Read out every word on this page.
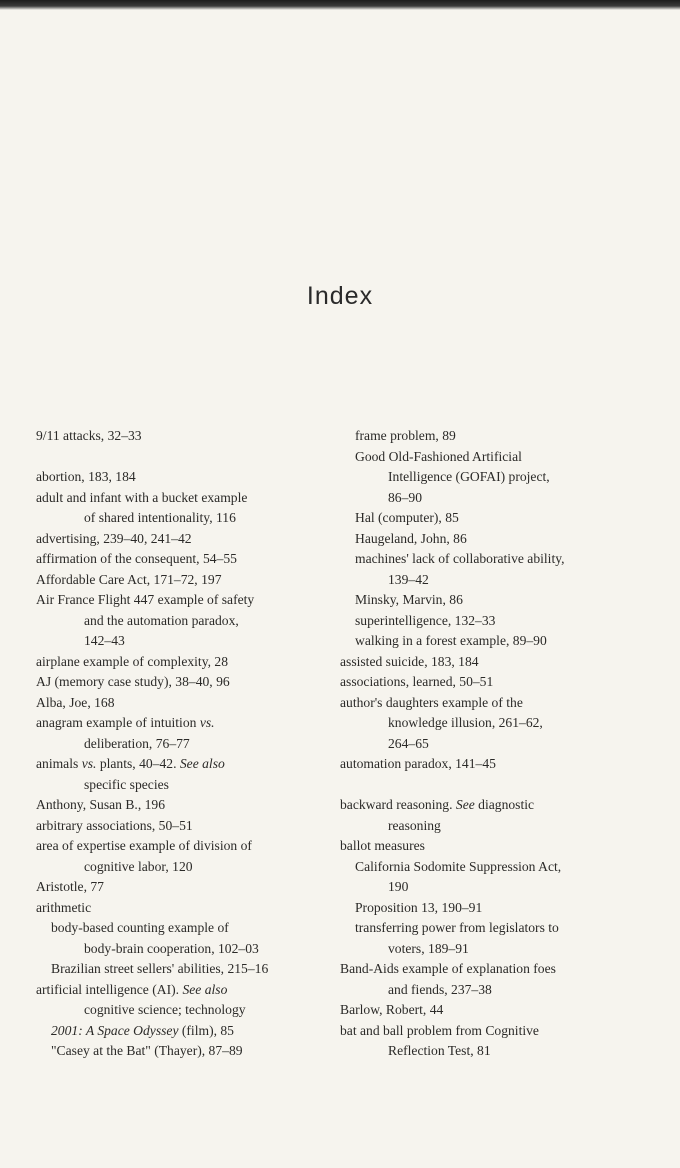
Index
9/11 attacks, 32–33
abortion, 183, 184
adult and infant with a bucket example
of shared intentionality, 116
advertising, 239–40, 241–42
affirmation of the consequent, 54–55
Affordable Care Act, 171–72, 197
Air France Flight 447 example of safety
and the automation paradox,
142–43
airplane example of complexity, 28
AJ (memory case study), 38–40, 96
Alba, Joe, 168
anagram example of intuition vs.
deliberation, 76–77
animals vs. plants, 40–42. See also
specific species
Anthony, Susan B., 196
arbitrary associations, 50–51
area of expertise example of division of
cognitive labor, 120
Aristotle, 77
arithmetic
body-based counting example of
body-brain cooperation, 102–03
Brazilian street sellers' abilities, 215–16
artificial intelligence (AI). See also
cognitive science; technology
2001: A Space Odyssey (film), 85
"Casey at the Bat" (Thayer), 87–89
frame problem, 89
Good Old-Fashioned Artificial
Intelligence (GOFAI) project,
86–90
Hal (computer), 85
Haugeland, John, 86
machines' lack of collaborative ability,
139–42
Minsky, Marvin, 86
superintelligence, 132–33
walking in a forest example, 89–90
assisted suicide, 183, 184
associations, learned, 50–51
author's daughters example of the
knowledge illusion, 261–62,
264–65
automation paradox, 141–45
backward reasoning. See diagnostic
reasoning
ballot measures
California Sodomite Suppression Act,
190
Proposition 13, 190–91
transferring power from legislators to
voters, 189–91
Band-Aids example of explanation foes
and fiends, 237–38
Barlow, Robert, 44
bat and ball problem from Cognitive
Reflection Test, 81
